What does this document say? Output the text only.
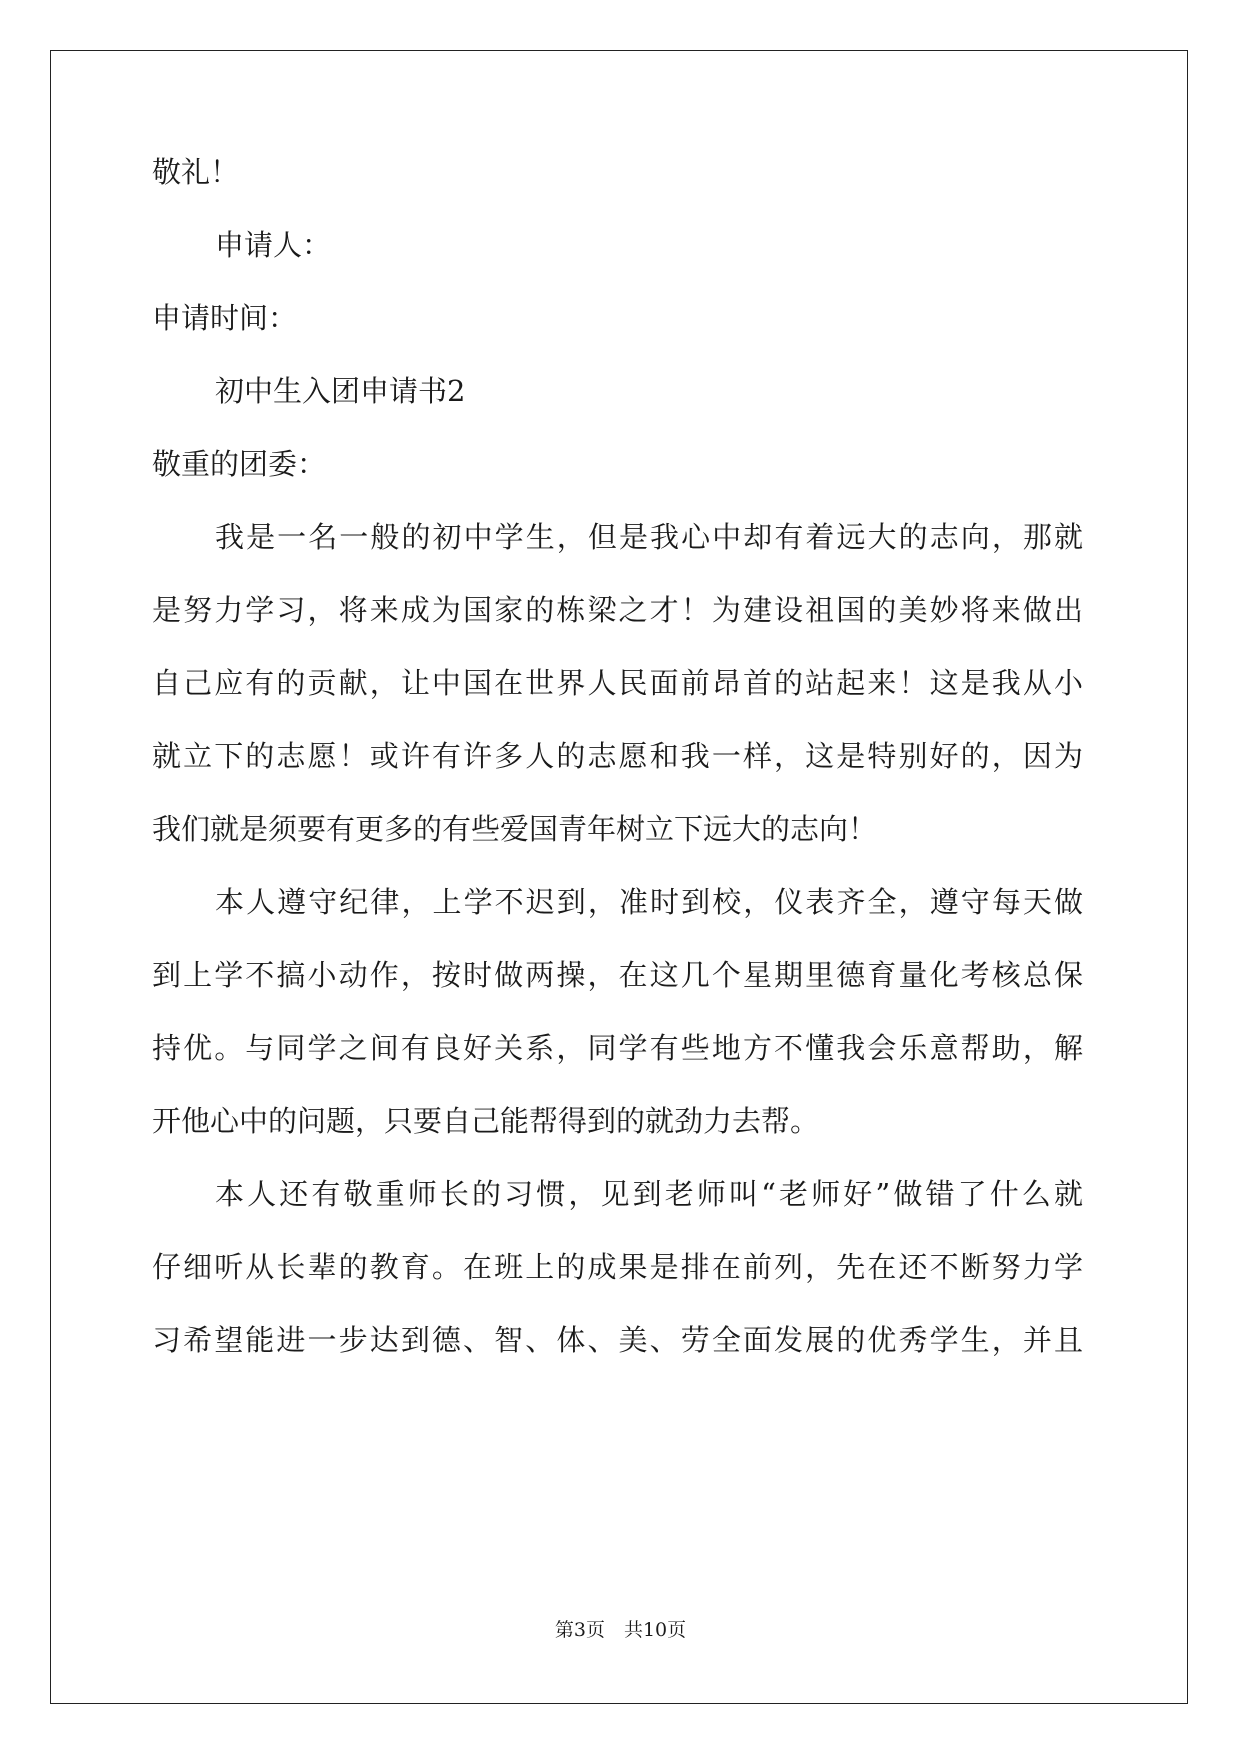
敬礼！
申请人：
申请时间：
初中生入团申请书2
敬重的团委：
我是一名一般的初中学生，但是我心中却有着远大的志向，那就
是努力学习，将来成为国家的栋梁之才！为建设祖国的美妙将来做出
自己应有的贡献，让中国在世界人民面前昂首的站起来！这是我从小
就立下的志愿！或许有许多人的志愿和我一样，这是特别好的，因为
我们就是须要有更多的有些爱国青年树立下远大的志向！
本人遵守纪律，上学不迟到，准时到校，仪表齐全，遵守每天做
到上学不搞小动作，按时做两操，在这几个星期里德育量化考核总保
持优。与同学之间有良好关系，同学有些地方不懂我会乐意帮助，解
开他心中的问题，只要自己能帮得到的就劲力去帮。
本人还有敬重师长的习惯，见到老师叫“老师好”做错了什么就
仔细听从长辈的教育。在班上的成果是排在前列，先在还不断努力学
习希望能进一步达到德、智、体、美、劳全面发展的优秀学生，并且
第3页　共10页
